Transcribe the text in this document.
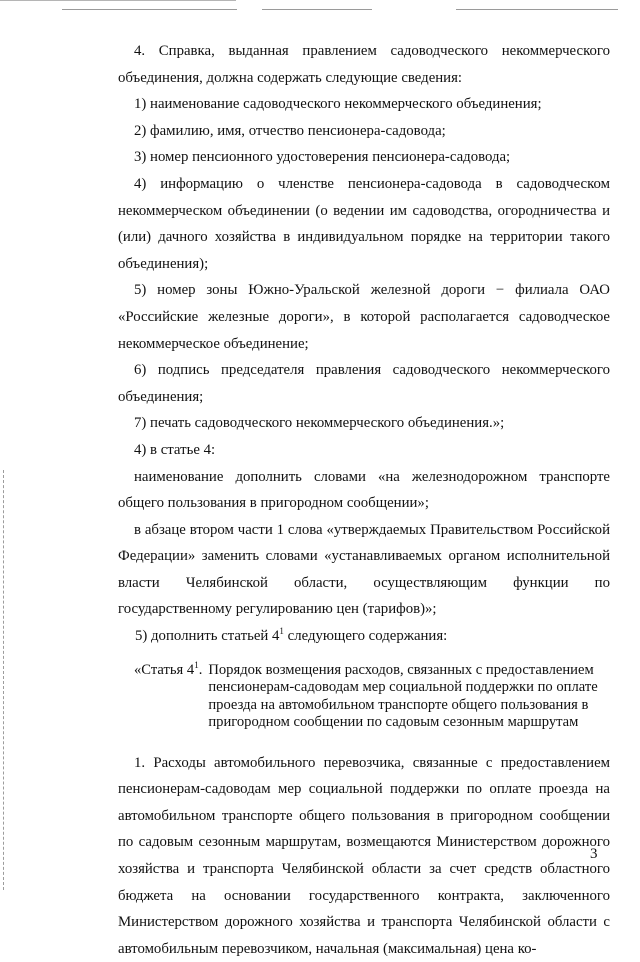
4. Справка, выданная правлением садоводческого некоммерческого объединения, должна содержать следующие сведения:

1) наименование садоводческого некоммерческого объединения;

2) фамилию, имя, отчество пенсионера-садовода;

3) номер пенсионного удостоверения пенсионера-садовода;

4) информацию о членстве пенсионера-садовода в садоводческом некоммерческом объединении (о ведении им садоводства, огородничества и (или) дачного хозяйства в индивидуальном порядке на территории такого объединения);

5) номер зоны Южно-Уральской железной дороги − филиала ОАО «Российские железные дороги», в которой располагается садоводческое некоммерческое объединение;

6) подпись председателя правления садоводческого некоммерческого объединения;

7) печать садоводческого некоммерческого объединения.»;

4) в статье 4:

наименование дополнить словами «на железнодорожном транспорте общего пользования в пригородном сообщении»;

в абзаце втором части 1 слова «утверждаемых Правительством Российской Федерации» заменить словами «устанавливаемых органом исполнительной власти Челябинской области, осуществляющим функции по государственному регулированию цен (тарифов)»;

5) дополнить статьей $4^1$ следующего содержания:

«Статья $4^1$. Порядок возмещения расходов, связанных с предоставлением пенсионерам-садоводам мер социальной поддержки по оплате проезда на автомобильном транспорте общего пользования в пригородном сообщении по садовым сезонным маршрутам

1. Расходы автомобильного перевозчика, связанные с предоставлением пенсионерам-садоводам мер социальной поддержки по оплате проезда на автомобильном транспорте общего пользования в пригородном сообщении по садовым сезонным маршрутам, возмещаются Министерством дорожного хозяйства и транспорта Челябинской области за счет средств областного бюджета на основании государственного контракта, заключенного Министерством дорожного хозяйства и транспорта Челябинской области с автомобильным перевозчиком, начальная (максимальная) цена ко-

3
